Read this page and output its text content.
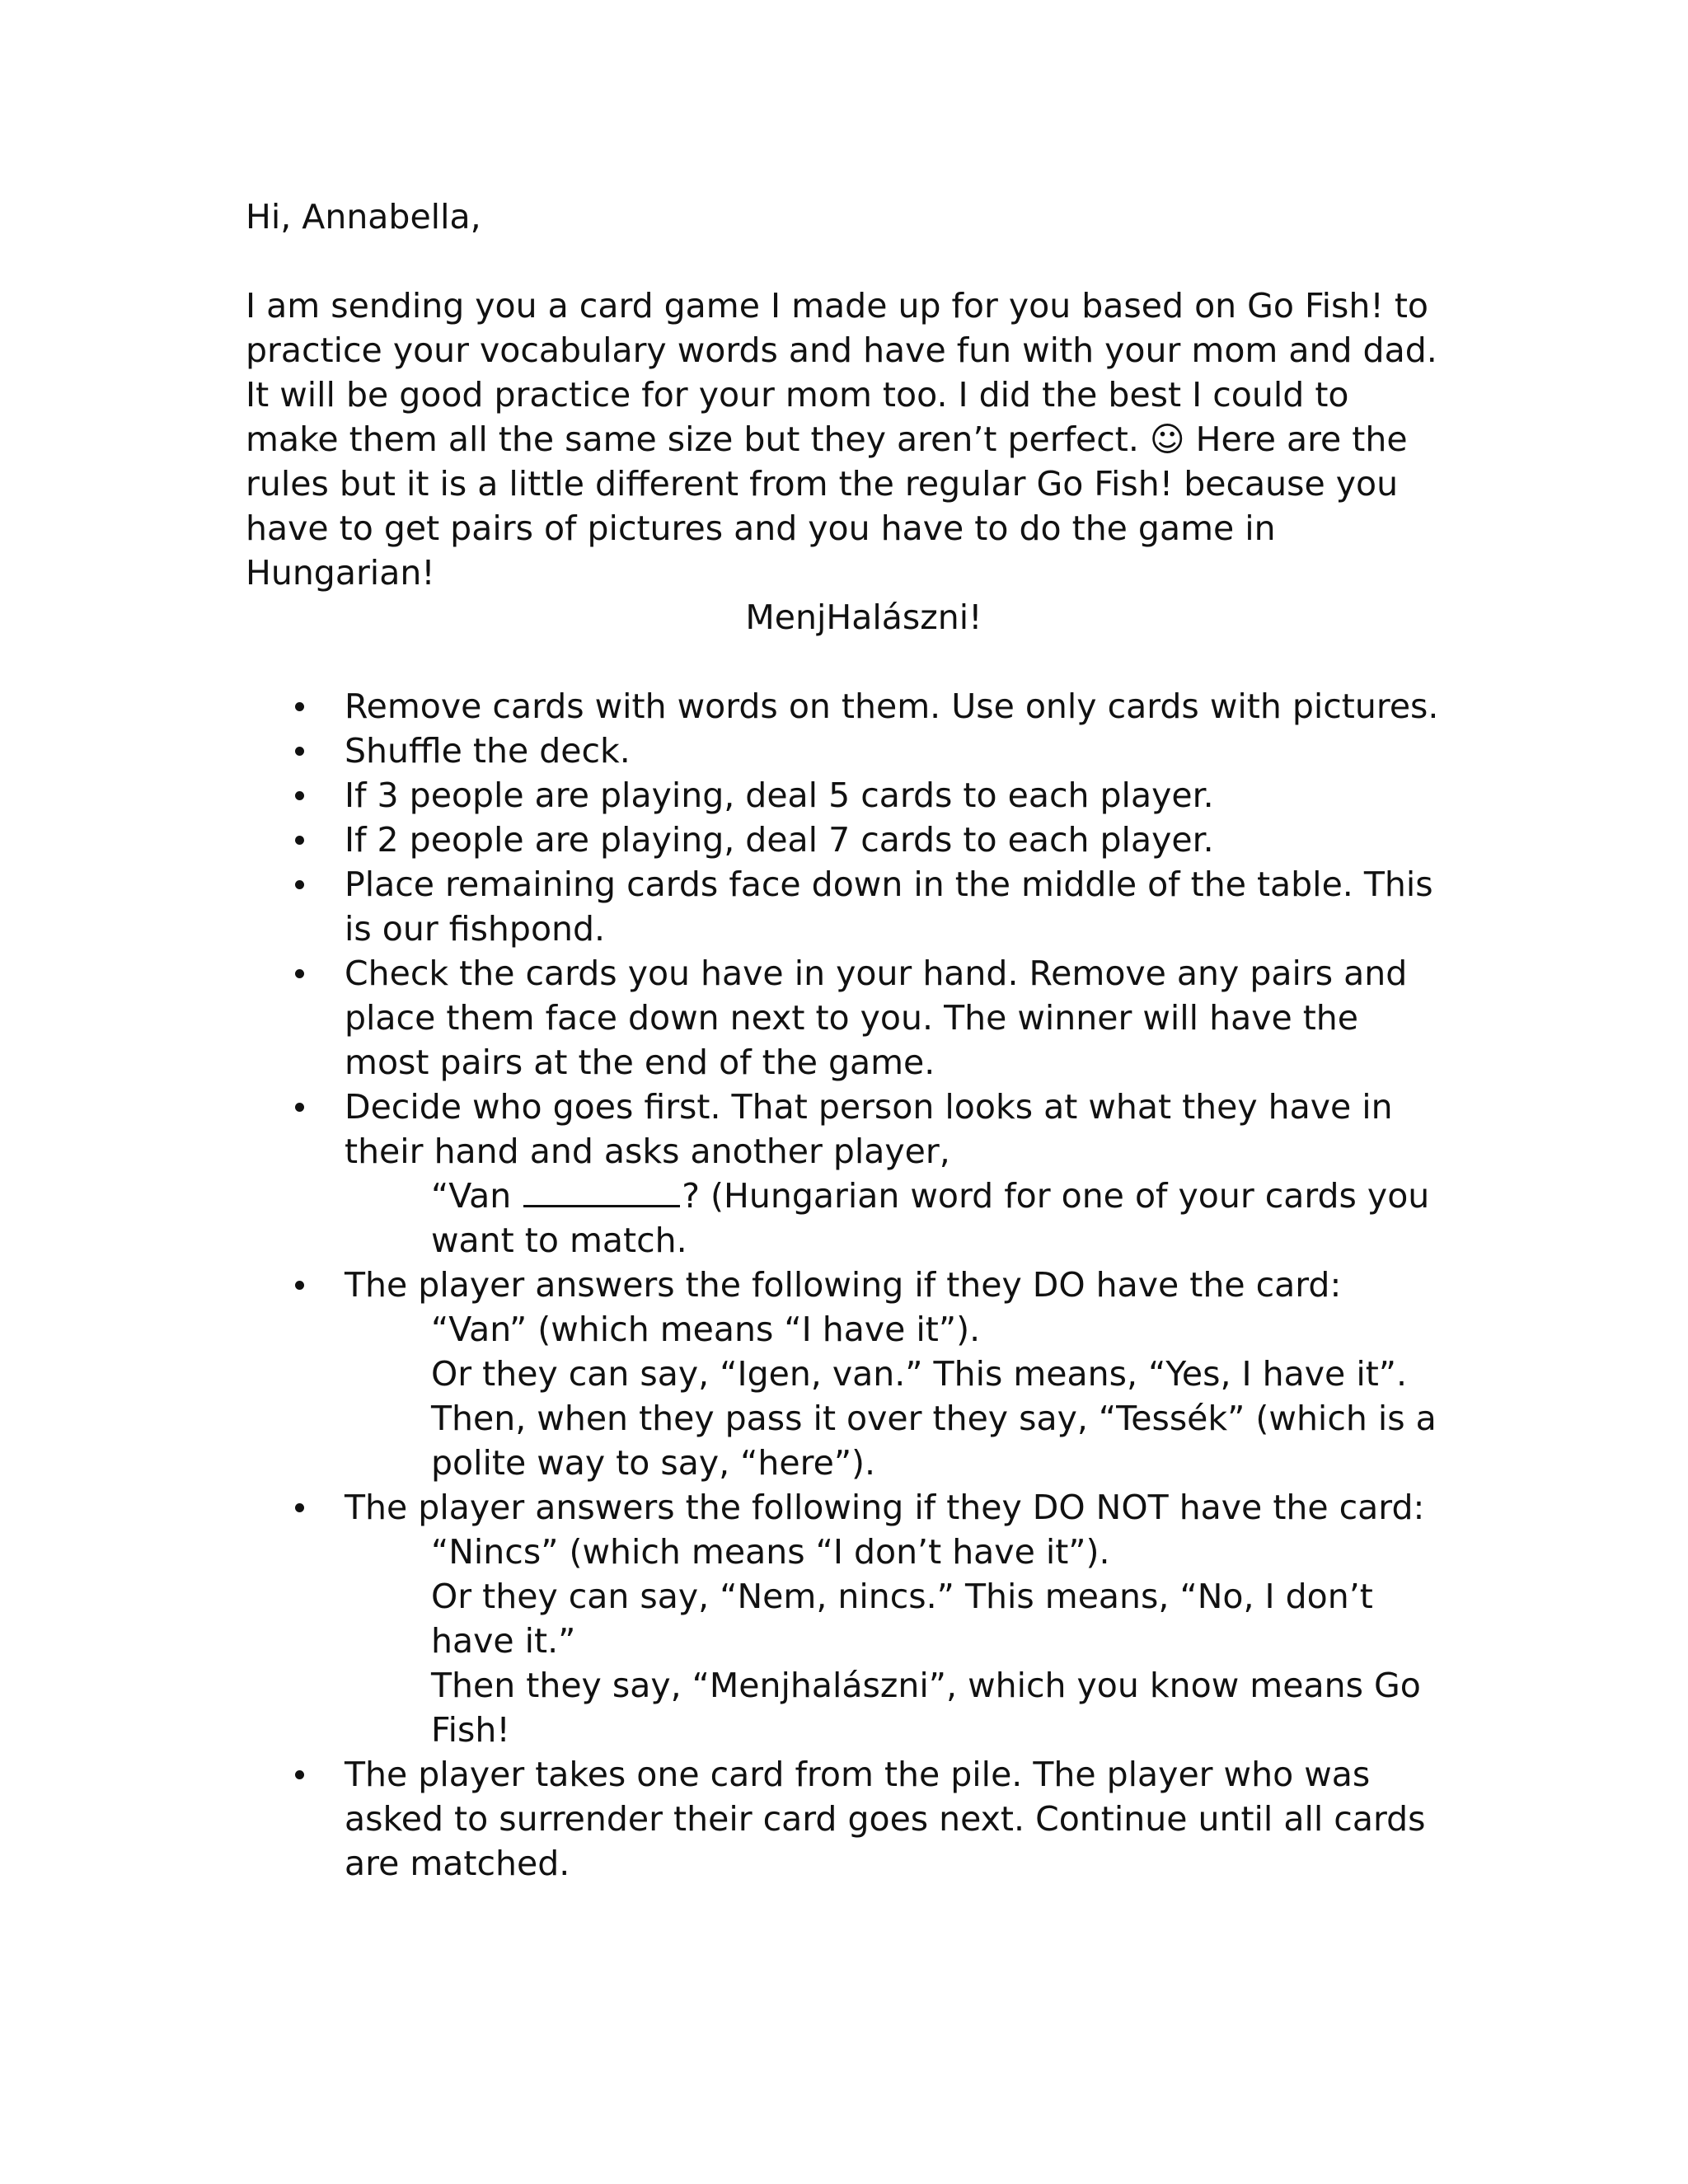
Hi, Annabella,

I am sending you a card game I made up for you based on Go Fish! to practice your vocabulary words and have fun with your mom and dad. It will be good practice for your mom too. I did the best I could to make them all the same size but they aren’t perfect. ☺ Here are the rules but it is a little different from the regular Go Fish! because you have to get pairs of pictures and you have to do the game in Hungarian!

MenjHalászni!

Remove cards with words on them. Use only cards with pictures.
Shuffle the deck.
If 3 people are playing, deal 5 cards to each player.
If 2 people are playing, deal 7 cards to each player.
Place remaining cards face down in the middle of the table. This is our fishpond.
Check the cards you have in your hand. Remove any pairs and place them face down next to you. The winner will have the most pairs at the end of the game.
Decide who goes first. That person looks at what they have in their hand and asks another player,
“Van	? (Hungarian word for one of your cards you want to match.
The player answers the following if they DO have the card:
“Van” (which means “I have it”).
Or they can say, “Igen, van.” This means, “Yes, I have it”. Then, when they pass it over they say, “Tessék” (which is a polite way to say, “here”).
The player answers the following if they DO NOT have the card:
“Nincs” (which means “I don’t have it”).
Or they can say, “Nem, nincs.” This means, “No, I don’t have it.”
Then they say, “Menjhalászni”, which you know means Go Fish!
The player takes one card from the pile. The player who was asked to surrender their card goes next. Continue until all cards are matched.
